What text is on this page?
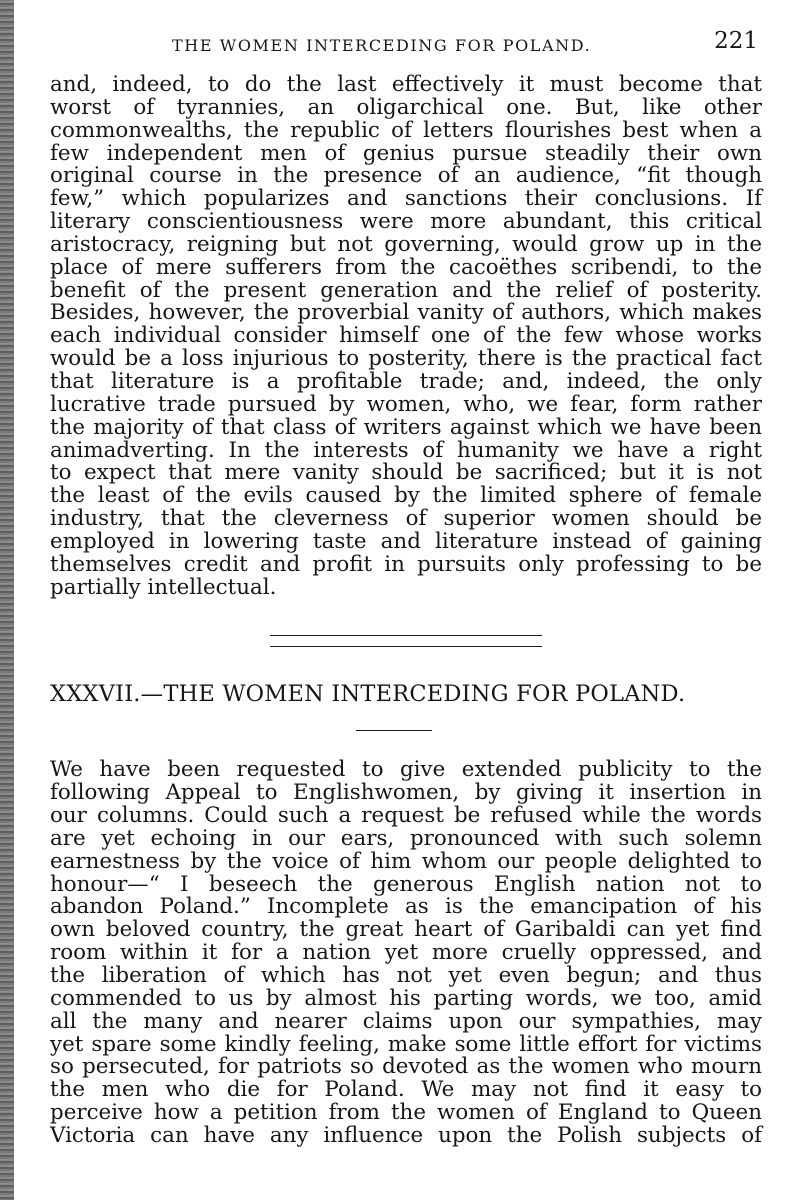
THE WOMEN INTERCEDING FOR POLAND.	221
and, indeed, to do the last effectively it must become that
worst of tyrannies, an oligarchical one. But, like other
commonwealths, the republic of letters flourishes best when a
few independent men of genius pursue steadily their own
original course in the presence of an audience, “fit though
few,” which popularizes and sanctions their conclusions. If
literary conscientiousness were more abundant, this critical
aristocracy, reigning but not governing, would grow up in the
place of mere sufferers from the cacoëthes scribendi, to the
benefit of the present generation and the relief of posterity.
Besides, however, the proverbial vanity of authors, which makes
each individual consider himself one of the few whose works
would be a loss injurious to posterity, there is the practical fact
that literature is a profitable trade; and, indeed, the only
lucrative trade pursued by women, who, we fear, form rather
the majority of that class of writers against which we have been
animadverting. In the interests of humanity we have a right
to expect that mere vanity should be sacrificed; but it is not
the least of the evils caused by the limited sphere of female
industry, that the cleverness of superior women should be
employed in lowering taste and literature instead of gaining
themselves credit and profit in pursuits only professing to be
partially intellectual.
XXXVII.—THE WOMEN INTERCEDING FOR POLAND.
We have been requested to give extended publicity to the
following Appeal to Englishwomen, by giving it insertion in
our columns. Could such a request be refused while the words
are yet echoing in our ears, pronounced with such solemn
earnestness by the voice of him whom our people delighted to
honour—“ I beseech the generous English nation not to
abandon Poland.” Incomplete as is the emancipation of his
own beloved country, the great heart of Garibaldi can yet find
room within it for a nation yet more cruelly oppressed, and
the liberation of which has not yet even begun; and thus
commended to us by almost his parting words, we too, amid
all the many and nearer claims upon our sympathies, may
yet spare some kindly feeling, make some little effort for victims
so persecuted, for patriots so devoted as the women who mourn
the men who die for Poland. We may not find it easy to
perceive how a petition from the women of England to Queen
Victoria can have any influence upon the Polish subjects of
